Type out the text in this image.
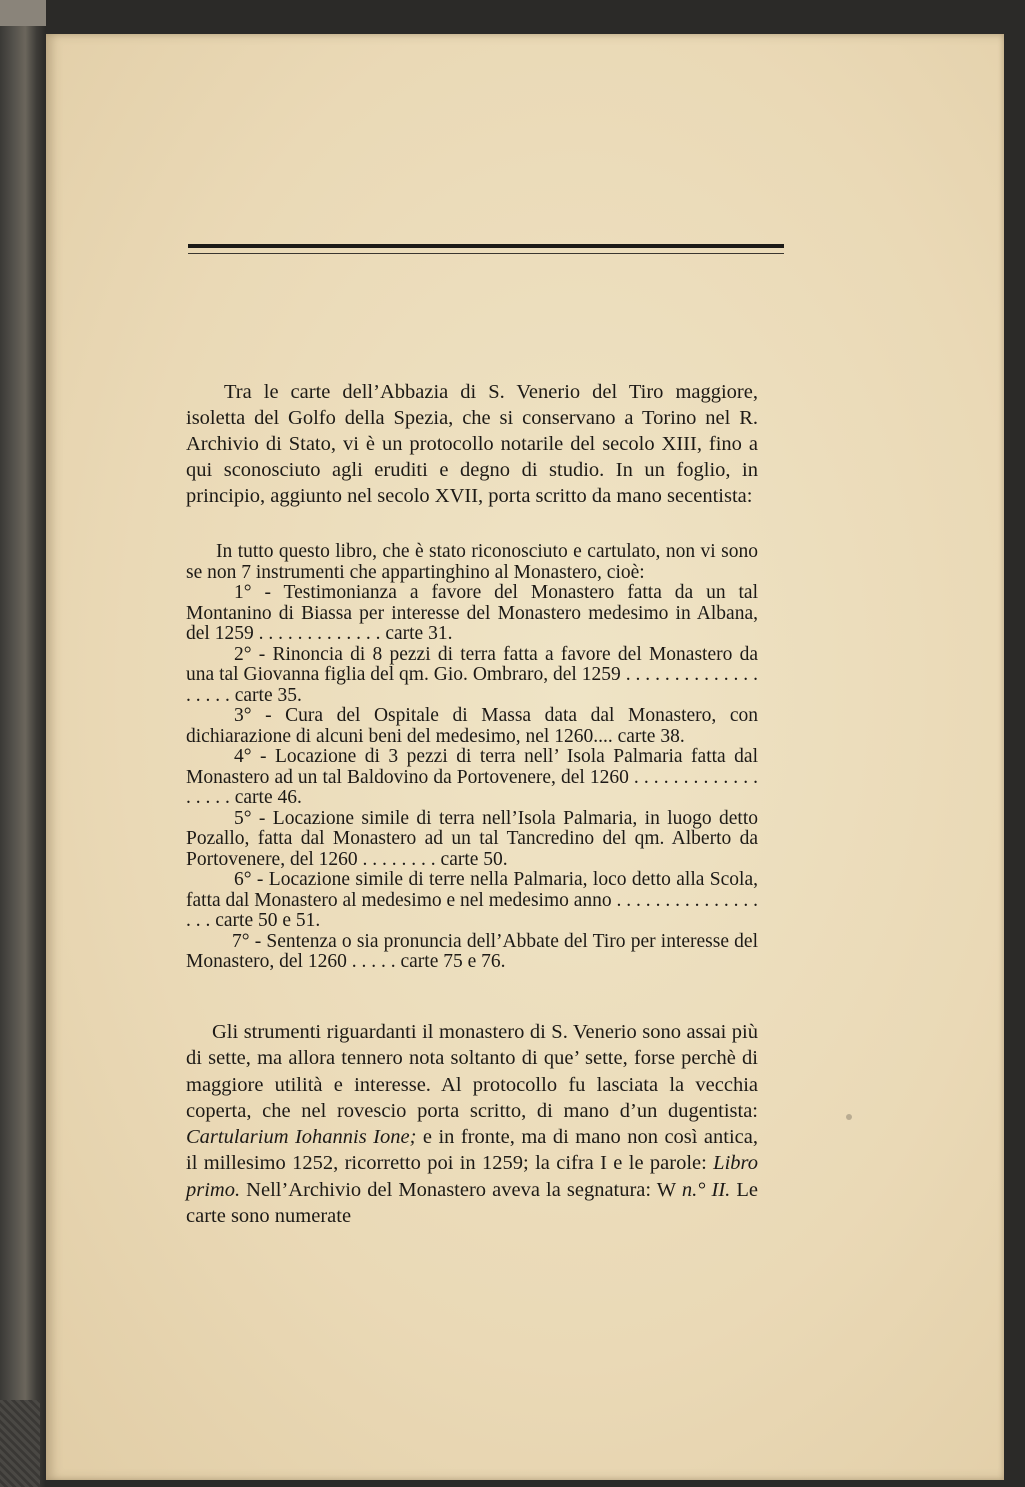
Tra le carte dell’Abbazia di S. Venerio del Tiro maggiore, isoletta del Golfo della Spezia, che si conservano a Torino nel R. Archivio di Stato, vi è un protocollo notarile del secolo XIII, fino a qui sconosciuto agli eruditi e degno di studio. In un foglio, in principio, aggiunto nel secolo XVII, porta scritto da mano secentista:

In tutto questo libro, che è stato riconosciuto e cartulato, non vi sono se non 7 instrumenti che appartinghino al Monastero, cioè:

1° - Testimonianza a favore del Monastero fatta da un tal Montanino di Biassa per interesse del Monastero medesimo in Albana, del 1259 . . . . . . . . . . . . . carte 31.

2° - Rinoncia di 8 pezzi di terra fatta a favore del Monastero da una tal Giovanna figlia del qm. Gio. Ombraro, del 1259 . . . . . . . . . . . . . . . . . . . carte 35.

3° - Cura del Ospitale di Massa data dal Monastero, con dichiarazione di alcuni beni del medesimo, nel 1260.... carte 38.

4° - Locazione di 3 pezzi di terra nell’ Isola Palmaria fatta dal Monastero ad un tal Baldovino da Portovenere, del 1260 . . . . . . . . . . . . . . . . . . carte 46.

5° - Locazione simile di terra nell’Isola Palmaria, in luogo detto Pozallo, fatta dal Monastero ad un tal Tancredino del qm. Alberto da Portovenere, del 1260 . . . . . . . . carte 50.

6° - Locazione simile di terre nella Palmaria, loco detto alla Scola, fatta dal Monastero al medesimo e nel medesimo anno . . . . . . . . . . . . . . . . . . carte 50 e 51.

7° - Sentenza o sia pronuncia dell’Abbate del Tiro per interesse del Monastero, del 1260 . . . . . carte 75 e 76.

Gli strumenti riguardanti il monastero di S. Venerio sono assai più di sette, ma allora tennero nota soltanto di que’ sette, forse perchè di maggiore utilità e interesse. Al protocollo fu lasciata la vecchia coperta, che nel rovescio porta scritto, di mano d’un dugentista: Cartularium Iohannis Ione; e in fronte, ma di mano non così antica, il millesimo 1252, ricorretto poi in 1259; la cifra I e le parole: Libro primo. Nell’Archivio del Monastero aveva la segnatura: W n.° II. Le carte sono numerate
